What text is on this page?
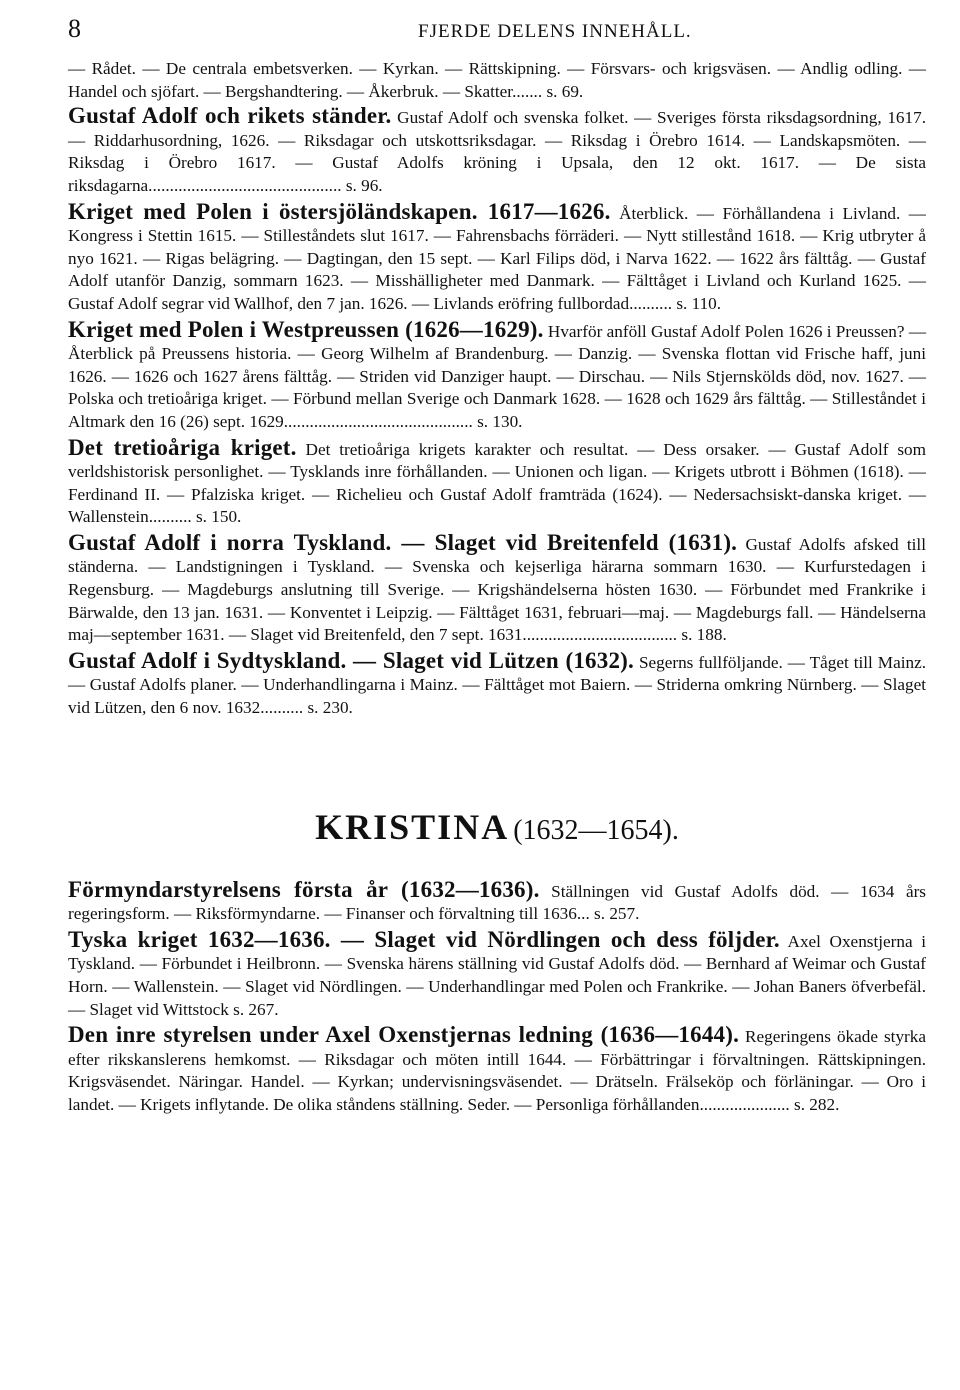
8	FJERDE DELENS INNEHÅLL.

— Rådet. — De centrala embetsverken. — Kyrkan. — Rättskipning. — Försvars- och krigsväsen. — Andlig odling. — Handel och sjöfart. — Bergshandtering. — Åkerbruk. — Skatter....... s. 69.

Gustaf Adolf och rikets ständer. Gustaf Adolf och svenska folket. — Sveriges första riksdagsordning, 1617. — Riddarhusordning, 1626. — Riksdagar och utskottsriksdagar. — Riksdag i Örebro 1614. — Landskapsmöten. — Riksdag i Örebro 1617. — Gustaf Adolfs kröning i Upsala, den 12 okt. 1617. — De sista riksdagarna............................................. s. 96.

Kriget med Polen i östersjöländskapen. 1617—1626. Återblick. — Förhållandena i Livland. — Kongress i Stettin 1615. — Stilleståndets slut 1617. — Fahrensbachs förräderi. — Nytt stillestånd 1618. — Krig utbryter å nyo 1621. — Rigas belägring. — Dagtingan, den 15 sept. — Karl Filips död, i Narva 1622. — 1622 års fälttåg. — Gustaf Adolf utanför Danzig, sommarn 1623. — Misshälligheter med Danmark. — Fälttåget i Livland och Kurland 1625. — Gustaf Adolf segrar vid Wallhof, den 7 jan. 1626. — Livlands eröfring fullbordad.......... s. 110.

Kriget med Polen i Westpreussen (1626—1629). Hvarför anföll Gustaf Adolf Polen 1626 i Preussen? — Återblick på Preussens historia. — Georg Wilhelm af Brandenburg. — Danzig. — Svenska flottan vid Frische haff, juni 1626. — 1626 och 1627 årens fälttåg. — Striden vid Danziger haupt. — Dirschau. — Nils Stjernskölds död, nov. 1627. — Polska och tretioåriga kriget. — Förbund mellan Sverige och Danmark 1628. — 1628 och 1629 års fälttåg. — Stilleståndet i Altmark den 16 (26) sept. 1629............................................ s. 130.

Det tretioåriga kriget. Det tretioåriga krigets karakter och resultat. — Dess orsaker. — Gustaf Adolf som verldshistorisk personlighet. — Tysklands inre förhållanden. — Unionen och ligan. — Krigets utbrott i Böhmen (1618). — Ferdinand II. — Pfalziska kriget. — Richelieu och Gustaf Adolf framträda (1624). — Nedersachsiskt-danska kriget. — Wallenstein.......... s. 150.

Gustaf Adolf i norra Tyskland. — Slaget vid Breitenfeld (1631). Gustaf Adolfs afsked till ständerna. — Landstigningen i Tyskland. — Svenska och kejserliga härarna sommarn 1630. — Kurfurstedagen i Regensburg. — Magdeburgs anslutning till Sverige. — Krigshändelserna hösten 1630. — Förbundet med Frankrike i Bärwalde, den 13 jan. 1631. — Konventet i Leipzig. — Fälttåget 1631, februari—maj. — Magdeburgs fall. — Händelserna maj—september 1631. — Slaget vid Breitenfeld, den 7 sept. 1631.................................... s. 188.

Gustaf Adolf i Sydtyskland. — Slaget vid Lützen (1632). Segerns fullföljande. — Tåget till Mainz. — Gustaf Adolfs planer. — Underhandlingarna i Mainz. — Fälttåget mot Baiern. — Striderna omkring Nürnberg. — Slaget vid Lützen, den 6 nov. 1632.......... s. 230.

KRISTINA (1632—1654).

Förmyndarstyrelsens första år (1632—1636). Ställningen vid Gustaf Adolfs död. — 1634 års regeringsform. — Riksförmyndarne. — Finanser och förvaltning till 1636... s. 257.

Tyska kriget 1632—1636. — Slaget vid Nördlingen och dess följder. Axel Oxenstjerna i Tyskland. — Förbundet i Heilbronn. — Svenska härens ställning vid Gustaf Adolfs död. — Bernhard af Weimar och Gustaf Horn. — Wallenstein. — Slaget vid Nördlingen. — Underhandlingar med Polen och Frankrike. — Johan Baners öfverbefäl. — Slaget vid Wittstock s. 267.

Den inre styrelsen under Axel Oxenstjernas ledning (1636—1644). Regeringens ökade styrka efter rikskanslerens hemkomst. — Riksdagar och möten intill 1644. — Förbättringar i förvaltningen. Rättskipningen. Krigsväsendet. Näringar. Handel. — Kyrkan; undervisningsväsendet. — Drätseln. Frälseköp och förläningar. — Oro i landet. — Krigets inflytande. De olika ståndens ställning. Seder. — Personliga förhållanden..................... s. 282.
